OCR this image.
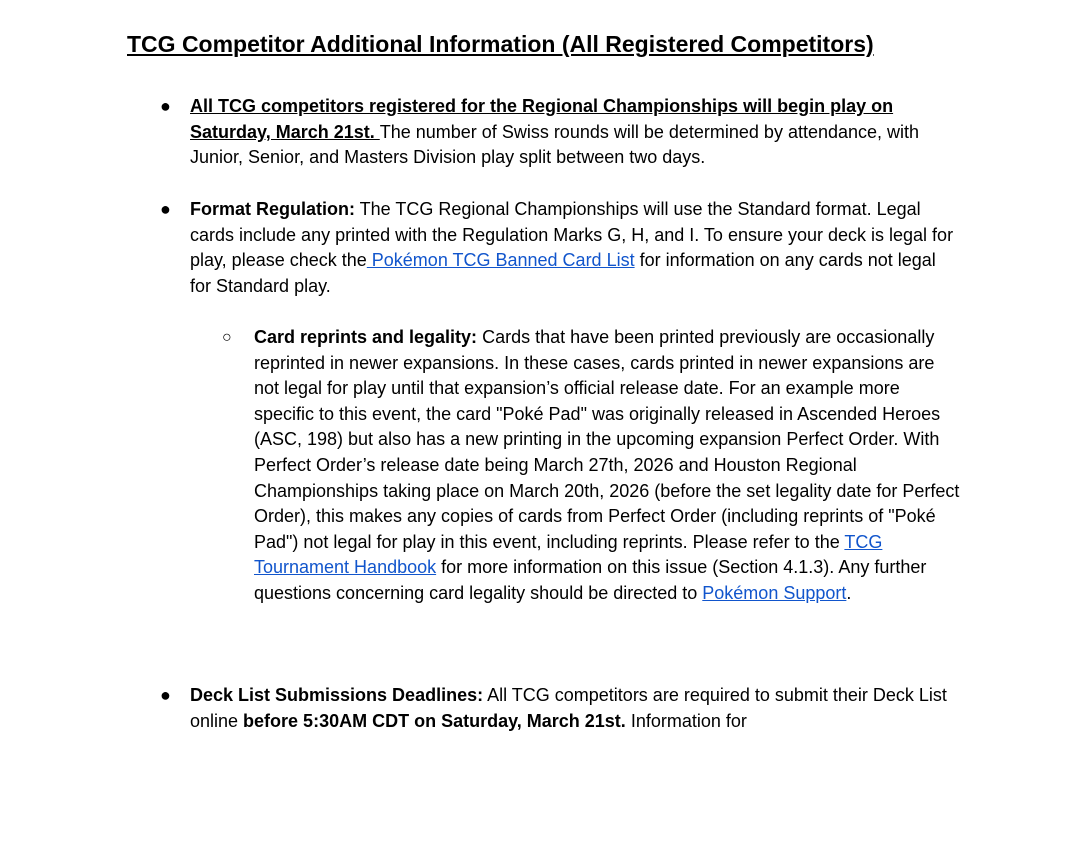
TCG Competitor Additional Information (All Registered Competitors)
● All TCG competitors registered for the Regional Championships will begin play on Saturday, March 21st. The number of Swiss rounds will be determined by attendance, with Junior, Senior, and Masters Division play split between two days.

● Format Regulation: The TCG Regional Championships will use the Standard format. Legal cards include any printed with the Regulation Marks G, H, and I. To ensure your deck is legal for play, please check the Pokémon TCG Banned Card List for information on any cards not legal for Standard play.

○ Card reprints and legality: Cards that have been printed previously are occasionally reprinted in newer expansions. In these cases, cards printed in newer expansions are not legal for play until that expansion’s official release date. For an example more specific to this event, the card "Poké Pad" was originally released in Ascended Heroes (ASC, 198) but also has a new printing in the upcoming expansion Perfect Order. With Perfect Order’s release date being March 27th, 2026 and Houston Regional Championships taking place on March 20th, 2026 (before the set legality date for Perfect Order), this makes any copies of cards from Perfect Order (including reprints of "Poké Pad") not legal for play in this event, including reprints. Please refer to the TCG Tournament Handbook for more information on this issue (Section 4.1.3). Any further questions concerning card legality should be directed to Pokémon Support.

● Deck List Submissions Deadlines: All TCG competitors are required to submit their Deck List online before 5:30AM CDT on Saturday, March 21st. Information for
